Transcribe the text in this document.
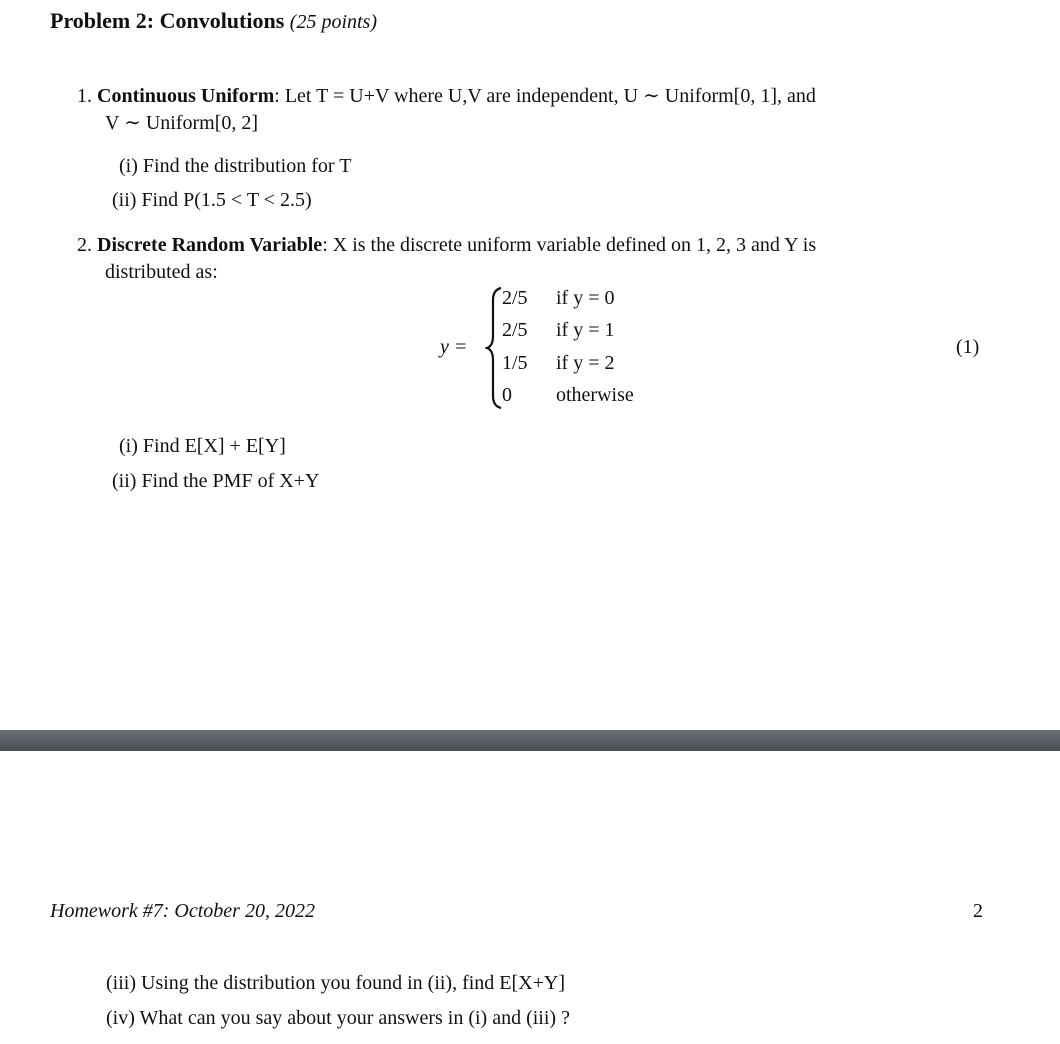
Problem 2: Convolutions (25 points)
1. Continuous Uniform: Let T = U+V where U,V are independent, U ∼ Uniform[0, 1], and
V ∼ Uniform[0, 2]
(i) Find the distribution for T
(ii) Find P(1.5 < T < 2.5)
2. Discrete Random Variable: X is the discrete uniform variable defined on 1, 2, 3 and Y is
distributed as:
y =
2/5 if y = 0
2/5 if y = 1
1/5 if y = 2
0 otherwise
(1)
(i) Find E[X] + E[Y]
(ii) Find the PMF of X+Y
Homework #7: October 20, 2022	2
(iii) Using the distribution you found in (ii), find E[X+Y]
(iv) What can you say about your answers in (i) and (iii) ?
